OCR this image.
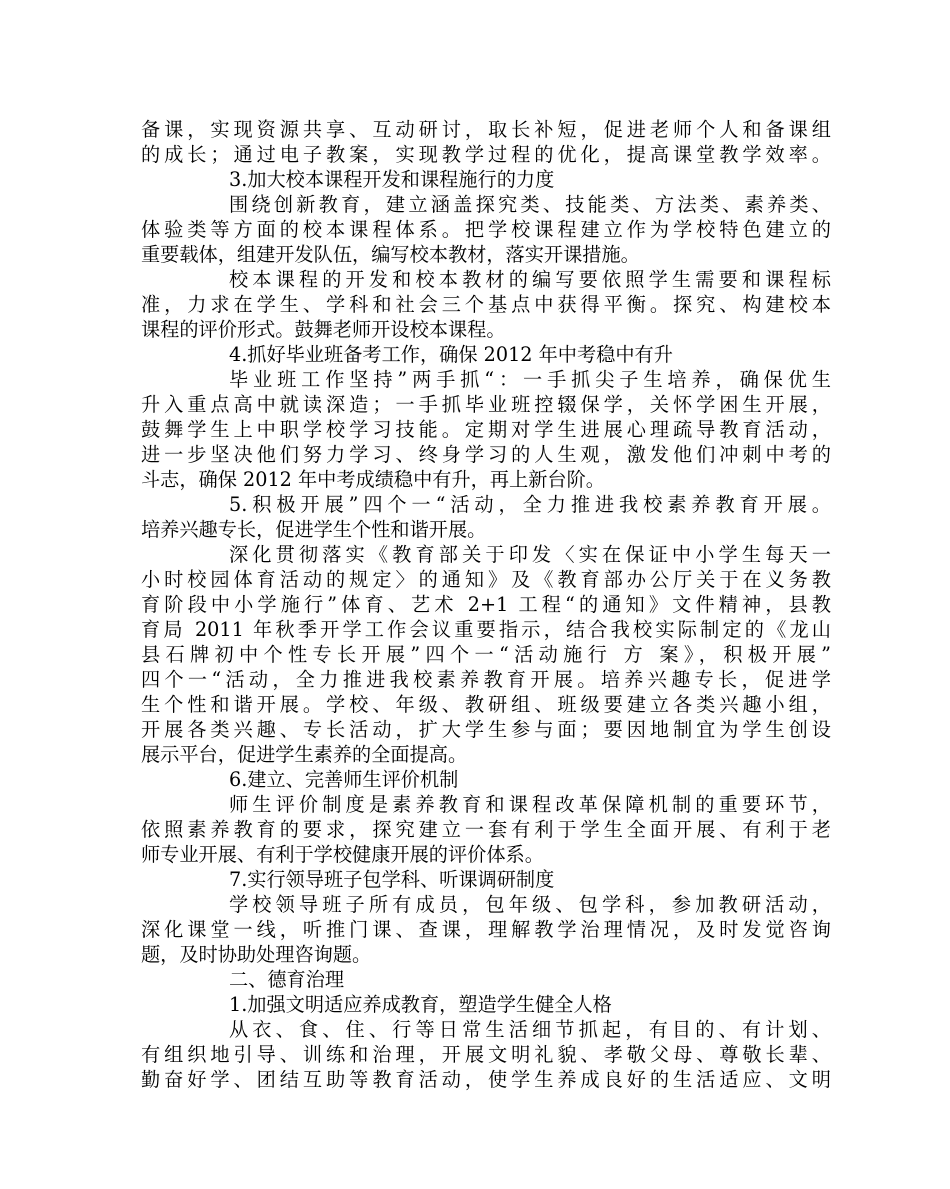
备课，实现资源共享、互动研讨，取长补短，促进老师个人和备课组
的成长；通过电子教案，实现教学过程的优化，提高课堂教学效率。
3.加大校本课程开发和课程施行的力度
围绕创新教育，建立涵盖探究类、技能类、方法类、素养类、
体验类等方面的校本课程体系。把学校课程建立作为学校特色建立的
重要载体，组建开发队伍，编写校本教材，落实开课措施。
校本课程的开发和校本教材的编写要依照学生需要和课程标
准，力求在学生、学科和社会三个基点中获得平衡。探究、构建校本
课程的评价形式。鼓舞老师开设校本课程。
4.抓好毕业班备考工作，确保 2012 年中考稳中有升
毕业班工作坚持”两手抓“：一手抓尖子生培养，确保优生
升入重点高中就读深造；一手抓毕业班控辍保学，关怀学困生开展，
鼓舞学生上中职学校学习技能。定期对学生进展心理疏导教育活动，
进一步坚决他们努力学习、终身学习的人生观，激发他们冲刺中考的
斗志，确保 2012 年中考成绩稳中有升，再上新台阶。
5.积极开展”四个一“活动，全力推进我校素养教育开展。
培养兴趣专长，促进学生个性和谐开展。
深化贯彻落实《教育部关于印发〈实在保证中小学生每天一
小时校园体育活动的规定〉的通知》及《教育部办公厅关于在义务教
育阶段中小学施行”体育、艺术 2+1 工程“的通知》文件精神，县教
育局 2011 年秋季开学工作会议重要指示，结合我校实际制定的《龙山
县石牌初中个性专长开展”四个一“活动施行 方 案》，积极开展”
四个一“活动，全力推进我校素养教育开展。培养兴趣专长，促进学
生个性和谐开展。学校、年级、教研组、班级要建立各类兴趣小组，
开展各类兴趣、专长活动，扩大学生参与面；要因地制宜为学生创设
展示平台，促进学生素养的全面提高。
6.建立、完善师生评价机制
师生评价制度是素养教育和课程改革保障机制的重要环节，
依照素养教育的要求，探究建立一套有利于学生全面开展、有利于老
师专业开展、有利于学校健康开展的评价体系。
7.实行领导班子包学科、听课调研制度
学校领导班子所有成员，包年级、包学科，参加教研活动，
深化课堂一线，听推门课、查课，理解教学治理情况，及时发觉咨询
题，及时协助处理咨询题。
二、德育治理
1.加强文明适应养成教育，塑造学生健全人格
从衣、食、住、行等日常生活细节抓起，有目的、有计划、
有组织地引导、训练和治理，开展文明礼貌、孝敬父母、尊敬长辈、
勤奋好学、团结互助等教育活动，使学生养成良好的生活适应、文明
